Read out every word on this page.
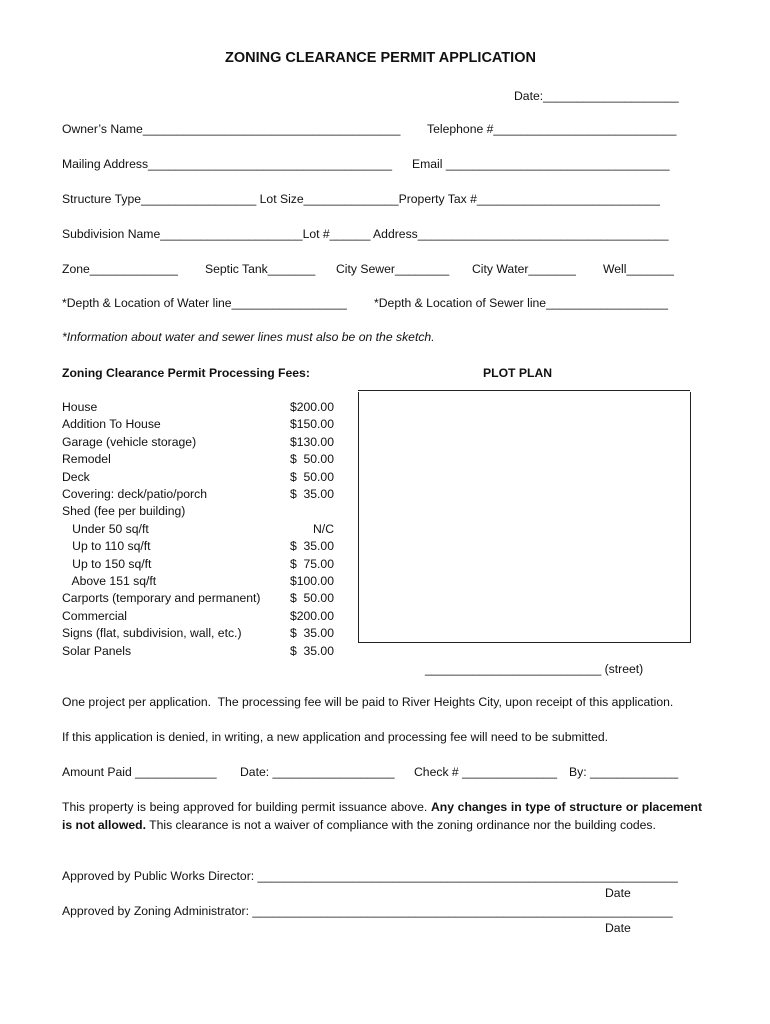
ZONING CLEARANCE PERMIT APPLICATION
Date:____________________
Owner’s Name______________________________________ Telephone #___________________________
Mailing Address____________________________________ Email _________________________________
Structure Type_________________ Lot Size______________Property Tax #___________________________
Subdivision Name_____________________Lot #______ Address_____________________________________
Zone_____________ Septic Tank_______ City Sewer________ City Water_______ Well_______
*Depth & Location of Water line_________________ *Depth & Location of Sewer line__________________
*Information about water and sewer lines must also be on the sketch.
Zoning Clearance Permit Processing Fees:	PLOT PLAN
House	$200.00
Addition To House	$150.00
Garage (vehicle storage)	$130.00
Remodel	$  50.00
Deck	$  50.00
Covering: deck/patio/porch	$  35.00
Shed (fee per building)
Under 50 sq/ft	N/C
Up to 110 sq/ft	$  35.00
Up to 150 sq/ft	$  75.00
Above 151 sq/ft	$100.00
Carports (temporary and permanent)	$  50.00
Commercial	$200.00
Signs (flat, subdivision, wall, etc.)	$  35.00
Solar Panels	$  35.00
__________________________ (street)
One project per application.  The processing fee will be paid to River Heights City, upon receipt of this application.
If this application is denied, in writing, a new application and processing fee will need to be submitted.
Amount Paid ____________ Date: __________________ Check # ______________ By: _____________
This property is being approved for building permit issuance above. Any changes in type of structure or placement is not allowed. This clearance is not a waiver of compliance with the zoning ordinance nor the building codes.
Approved by Public Works Director: ______________________________________________________________
Date
Approved by Zoning Administrator: ______________________________________________________________
Date
